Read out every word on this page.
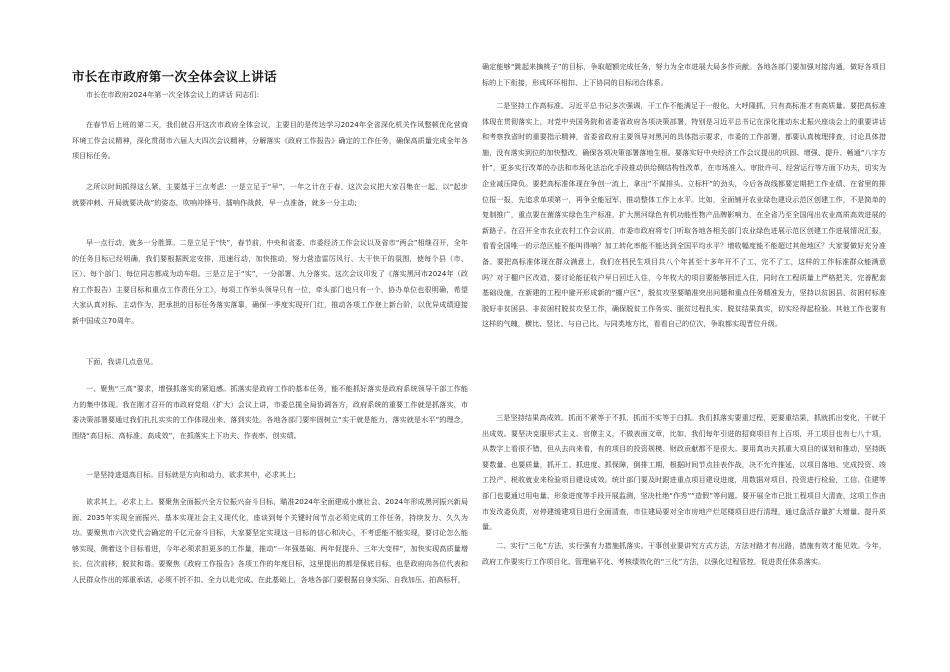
市长在市政府第一次全体会议上讲话
市长在市政府2024年第一次全体会议上的讲话 同志们:
在春节后上班的第二天，我们就召开这次市政府全体会议，主要目的是传达学习2024年全省深化机关作风整顿优化营商环境工作会议精神，深化贯彻市六届人大四次会议精神，分解落实《政府工作报告》确定的工作任务，确保高质量完成全年各项目标任务。
之所以时间抓得这么紧，主要基于三点考虑：一是立足于“早”，一年之计在于春，这次会议把大家召集在一起，以“起步就要冲刺、开局就要决战”的姿态，吹响冲锋号，擂响作战鼓，早一点准备，就多一分主动;
早一点行动，就多一分胜算。二是立足于“快”，春节前，中央和省委、市委经济工作会议以及省市“两会”相继召开，全年的任务目标已经明确，我们要根据既定安排，迅速行动，加快推动，努力营造雷厉风行、大干快干的氛围，使每个县（市、区）、每个部门、每位同志都成为动车组。三是立足于“实”，一分部署、九分落实。这次会议印发了《落实黑河市2024年（政府工作报告）主要目标和重点工作责任分工》，每项工作举头领导只有一位，牵头部门也只有一个，协办单位也很明确，希望大家认真对标、主动作为，把承担的目标任务落实落靠，确保一季度实现开门红，推动各项工作登上新台阶，以优异成绩迎接新中国成立70周年。
下面，我讲几点意见。
一、聚焦“三高”要求，增强抓落实的紧迫感。抓落实是政府工作的基本任务，能不能抓好落实是政府系统领导干部工作能力的集中体现。我在刚才召开的市政府党组（扩大）会议上讲，市委总揽全局协调各方，政府系统的重要工作就是抓落实，市委决策部署要通过我们扎扎实实的工作体现出来、落到实处。各地各部门要牢固树立“实干就是能力、落实就是水平”的理念，围绕“高目标、高标准、高成效”，在抓落实上下功夫、作表率、创实绩。
一是坚持进退高目标。目标就是方向和动力，欲求其中，必求其上;
欲求其上，必求上上。要聚焦全面振兴全方位振兴奋斗目标，瞄准2024年全面建成小康社会、2024年形成黑河振兴新局面、2035年实现全面振兴、基本实现社会主义现代化，座谈到每个关键时间节点必须完成的工作任务，持续发力、久久为功。要聚焦市六次党代会确定的千亿元奋斗目标，大家要坚定实现这一目标的信心和决心，不考虑能不能实现，要讨论怎么能够实现，侧着这个目标看进，今年必须求担更多的工作量，推动“一年强基础、两年促提升、三年大变样”，加快实现高质量增长、位次前移，脱贫和谐。要聚焦《政府工作报告》各项工作的年度目标，这里提出的都是保底目标，也是政府向各位代表和人民群众作出的郑重承诺，必须不折不扣、全力以赴完成。在此基础上，各地各部门要根据自身实际、自我加压、拍高标杆，
确定能够“跳起来摘桃子”的目标，争取超额完成任务，努力为全市进展大局多作贡献。各地各部门要加强对接沟通，做好各项目标的上下衔接，形成环环相扣、上下协同的目标闭合体系。
二是坚持工作高标准。习近平总书记多次强调，干工作不能满足于一般化、大呼隆抓，只有高标准才有高质量。要把高标准体现在贯彻落实上，对党中央国务院和省委省政府各项决策部署，特别是习近平总书记在深化推动东北振兴座谈会上的重要讲话和考察我省时的重要指示精神，省委省政府主要领导对黑河的具体指示要求，市委的工作部署，都要认真梳理排查，讨论具体措施，没有落实到位的加快整改，确保各项决策部署落地生根。要落实好中央经济工作会议提出的巩固、增强、提升、畅通“八字方针”，更多实行改革的办法和市场化法治化手段推动供给侧结构性改革，在市场准入、审批许可、经营运行等方面下功夫，切实为企业减压降负。要把高标准体现在争创一流上，拿出“不谋排头、立标杆”的劲头，今后各战线都要定期把工作业绩、在省里的排位报一报，先追求单项第一，再争全能冠军，推动整体工作上水平。比如，全面铺开农业绿色建设示范区创建工作，不是简单的复制推广，重点要在菌落实绿色生产标准，扩大黑河绿色有机功能性物产品牌影响力，在全省乃至全国闯出农业高质高效进展的新路子。在召开全市农业农村工作会议前，市委市政府将专门听取各地各相关部门农业绿色进展示范区创建工作进展情况汇报，看看全国唯一的示范区能不能叫得响？加工转化率能不能达到全国平均水平？增收幅度能不能超过其他地区？大家要做好充分准备。要把高标准体现在群众满意上，我们在档民生项目共八个年甚至十多年开不了工、完不了工，这样的工作标准群众能满意吗？对于棚户区改造，要讨论能征收户早日回迁入住，今年枚大的项目要能够回迁入住，同时在工程质量上严格把关，完善配套基础设施，在新建的工程中避开形成新的“棚户区”，脱贫攻坚要瞄准突出问题和重点任务精准发力，坚持以贫困县、贫困村标准脱好非贫困县、非贫困村脱贫攻坚工作，确保脱贫工作务实、脱贫过程扎实、脱贫结果真实，切实经得起检验。其他工作也要有这样的气魄，横比、竖比、与自己比、与同类地方比，看看自己的位次，争取都实现晋位升级。
三是坚持结果高成效。抓而不紧等于不抓，抓而不实等于白抓。我们抓落实要重过程，更要重结果，抓就抓出变化，干就干出成效。要坚决克服形式主义、官僚主义，不做表面文章，比如，我们每年引进的招商项目有上百项，开工项目也有七八十项，从数字上看很不错，但从去向来看，有的项目的投资规模、财政贡献都不是很大。要用真功夫抓重大项目的谋划和推动，坚持既要数量、也要质量，抓开工、抓进度、抓保障，倒排工期，根据时间节点挂表作战，决不允许推延，以项目落地、完成投资、竣工投产、税收就业来检验项目建设成效。统计部门要及时跟进重点项目建设进度，用数据对项目、投资进行检验，工信、住建等部门也要通过用电量、形象进度等手段开展监测，坚决杜绝“作秀”“造假”等问题。要开展全市已批工程项目大清查，这项工作由市发改委负责，对停建缓建项目进行全面清查，市住建局要对全市房地产烂尾楼项目进行清理，通过盘活存量扩大增量、提升质量。
二、实行“三化”方法，实行强有力措施抓落实。干事创业要讲究方式方法，方法对路才有出路，措施有效才能见效。今年，政府工作要实行工作项目化、管理扁平化、考核绩效化的“三化”方法，以强化过程管控，促进责任体系落实。
